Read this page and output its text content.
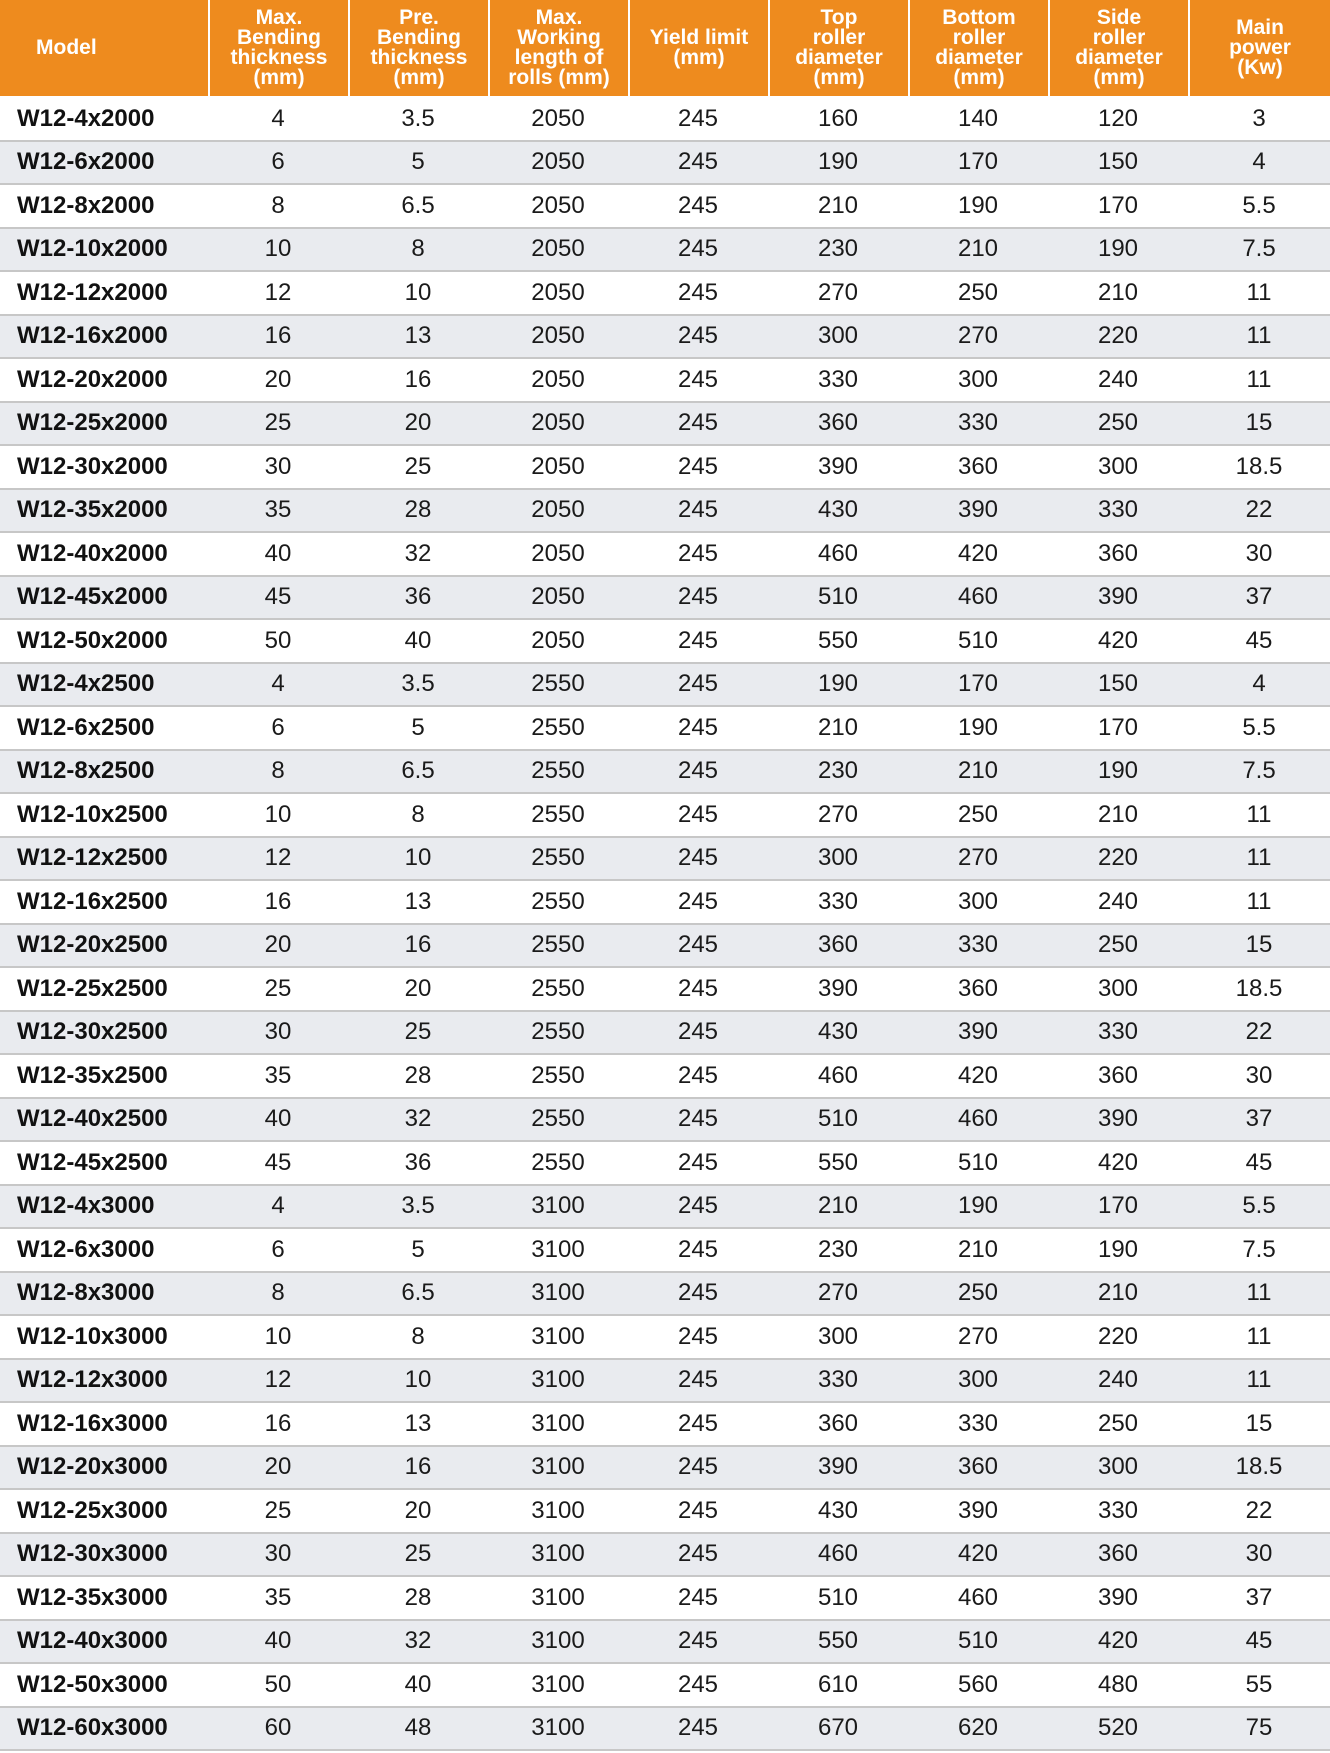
Model	Max.
Bending
thickness
(mm)	Pre.
Bending
thickness
(mm)	Max.
Working
length of
rolls (mm)	Yield limit
(mm)	Top
roller
diameter
(mm)	Bottom
roller
diameter
(mm)	Side
roller
diameter
(mm)	Main
power
(Kw)

W12-4x2000	4	3.5	2050	245	160	140	120	3
W12-6x2000	6	5	2050	245	190	170	150	4
W12-8x2000	8	6.5	2050	245	210	190	170	5.5
W12-10x2000	10	8	2050	245	230	210	190	7.5
W12-12x2000	12	10	2050	245	270	250	210	11
W12-16x2000	16	13	2050	245	300	270	220	11
W12-20x2000	20	16	2050	245	330	300	240	11
W12-25x2000	25	20	2050	245	360	330	250	15
W12-30x2000	30	25	2050	245	390	360	300	18.5
W12-35x2000	35	28	2050	245	430	390	330	22
W12-40x2000	40	32	2050	245	460	420	360	30
W12-45x2000	45	36	2050	245	510	460	390	37
W12-50x2000	50	40	2050	245	550	510	420	45
W12-4x2500	4	3.5	2550	245	190	170	150	4
W12-6x2500	6	5	2550	245	210	190	170	5.5
W12-8x2500	8	6.5	2550	245	230	210	190	7.5
W12-10x2500	10	8	2550	245	270	250	210	11
W12-12x2500	12	10	2550	245	300	270	220	11
W12-16x2500	16	13	2550	245	330	300	240	11
W12-20x2500	20	16	2550	245	360	330	250	15
W12-25x2500	25	20	2550	245	390	360	300	18.5
W12-30x2500	30	25	2550	245	430	390	330	22
W12-35x2500	35	28	2550	245	460	420	360	30
W12-40x2500	40	32	2550	245	510	460	390	37
W12-45x2500	45	36	2550	245	550	510	420	45
W12-4x3000	4	3.5	3100	245	210	190	170	5.5
W12-6x3000	6	5	3100	245	230	210	190	7.5
W12-8x3000	8	6.5	3100	245	270	250	210	11
W12-10x3000	10	8	3100	245	300	270	220	11
W12-12x3000	12	10	3100	245	330	300	240	11
W12-16x3000	16	13	3100	245	360	330	250	15
W12-20x3000	20	16	3100	245	390	360	300	18.5
W12-25x3000	25	20	3100	245	430	390	330	22
W12-30x3000	30	25	3100	245	460	420	360	30
W12-35x3000	35	28	3100	245	510	460	390	37
W12-40x3000	40	32	3100	245	550	510	420	45
W12-50x3000	50	40	3100	245	610	560	480	55
W12-60x3000	60	48	3100	245	670	620	520	75
